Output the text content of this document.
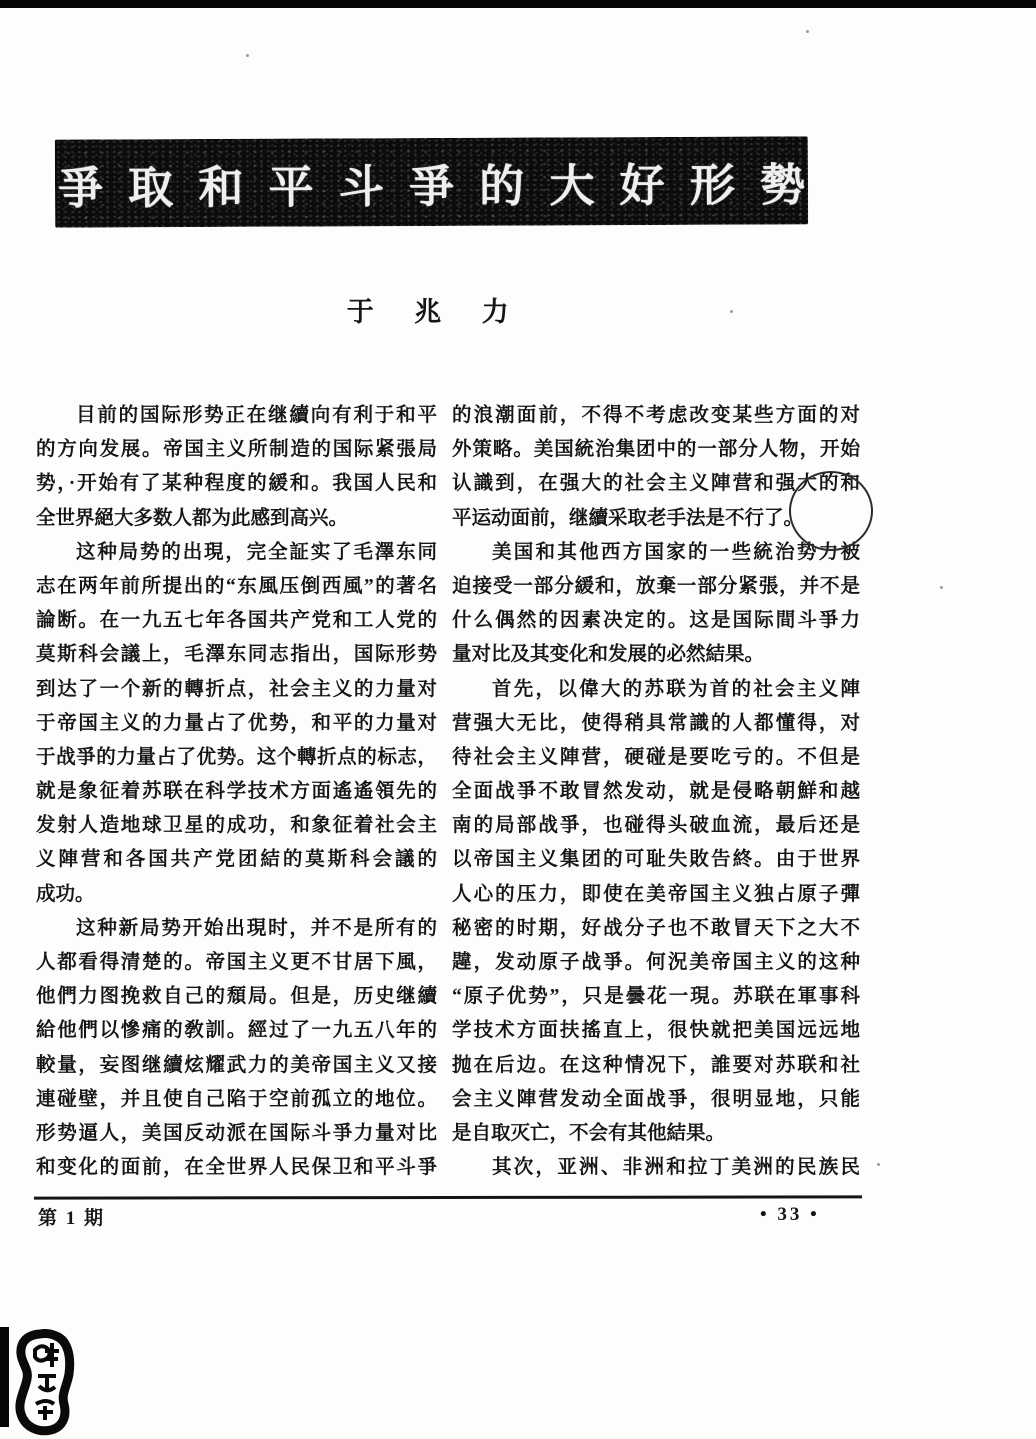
爭取和平斗爭的大好形勢
于兆力
目前的国际形势正在继續向有利于和平
的方向发展。帝国主义所制造的国际紧張局
势，·开始有了某种程度的緩和。我国人民和
全世界絕大多数人都为此感到高兴。
这种局势的出現，完全証实了毛澤东同
志在两年前所提出的“东風压倒西風”的著名
論断。在一九五七年各国共产党和工人党的
莫斯科会議上，毛澤东同志指出，国际形势
到达了一个新的轉折点，社会主义的力量对
于帝国主义的力量占了优势，和平的力量对
于战爭的力量占了优势。这个轉折点的标志，
就是象征着苏联在科学技术方面遙遙領先的
发射人造地球卫星的成功，和象征着社会主
义陣营和各国共产党团結的莫斯科会議的
成功。
这种新局势开始出現时，并不是所有的
人都看得清楚的。帝国主义更不甘居下風，
他們力图挽救自己的頹局。但是，历史继續
給他們以慘痛的敎訓。經过了一九五八年的
較量，妄图继續炫耀武力的美帝国主义又接
連碰壁，并且使自己陷于空前孤立的地位。
形势逼人，美国反动派在国际斗爭力量对比
和变化的面前，在全世界人民保卫和平斗爭
的浪潮面前，不得不考虑改变某些方面的对
外策略。美国統治集团中的一部分人物，开始
认識到，在强大的社会主义陣营和强大的和
平运动面前，继續采取老手法是不行了。
美国和其他西方国家的一些統治势力被
迫接受一部分緩和，放棄一部分紧張，并不是
什么偶然的因素决定的。这是国际間斗爭力
量对比及其变化和发展的必然結果。
首先，以偉大的苏联为首的社会主义陣
营强大无比，使得稍具常識的人都懂得，对
待社会主义陣营，硬碰是要吃亏的。不但是
全面战爭不敢冒然发动，就是侵略朝鮮和越
南的局部战爭，也碰得头破血流，最后还是
以帝国主义集团的可耻失敗告終。由于世界
人心的压力，即使在美帝国主义独占原子彈
秘密的时期，好战分子也不敢冒天下之大不
韙，发动原子战爭。何況美帝国主义的这种
“原子优势”，只是曇花一現。苏联在軍事科
学技术方面扶搖直上，很快就把美国远远地
抛在后边。在这种情况下，誰要对苏联和社
会主义陣营发动全面战爭，很明显地，只能
是自取灭亡，不会有其他結果。
其次，亚洲、非洲和拉丁美洲的民族民
第 1 期	• 33 •
